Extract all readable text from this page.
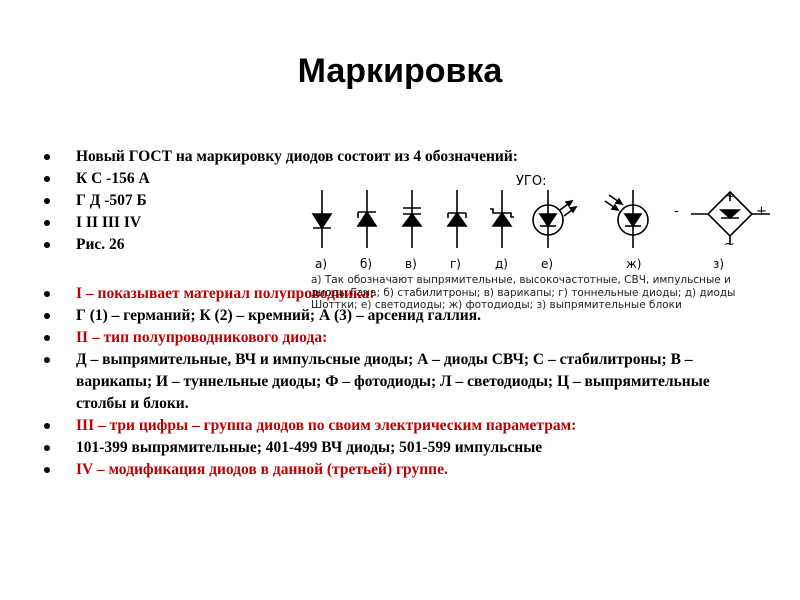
Маркировка
Новый ГОСТ на маркировку диодов состоит из 4 обозначений:
К С -156 А
Г Д -507 Б
I II III IV
Рис. 26
I – показывает материал полупроводника:
Г (1) – германий; К (2) – кремний; А (3) – арсенид галлия.
II – тип полупроводникового диода:
Д – выпрямительные, ВЧ и импульсные диоды; А – диоды СВЧ; С – стабилитроны; В – варикапы; И – туннельные диоды; Ф – фотодиоды; Л – светодиоды; Ц – выпрямительные столбы и блоки.
III – три цифры – группа диодов по своим электрическим параметрам:
101-399 выпрямительные; 401-499 ВЧ диоды; 501-599 импульсные
IV – модификация диодов в данной (третьей) группе.
УГО:
~
~
-	+
а)	б)	в)	г)	д)	е)	ж)	з)
а) Так обозначают выпрямительные, высокочастотные, СВЧ, импульсные и диоды Гана; б) стабилитроны; в) варикапы; г) тоннельные диоды; д) диоды Шоттки; е) светодиоды; ж) фотодиоды; з) выпрямительные блоки
